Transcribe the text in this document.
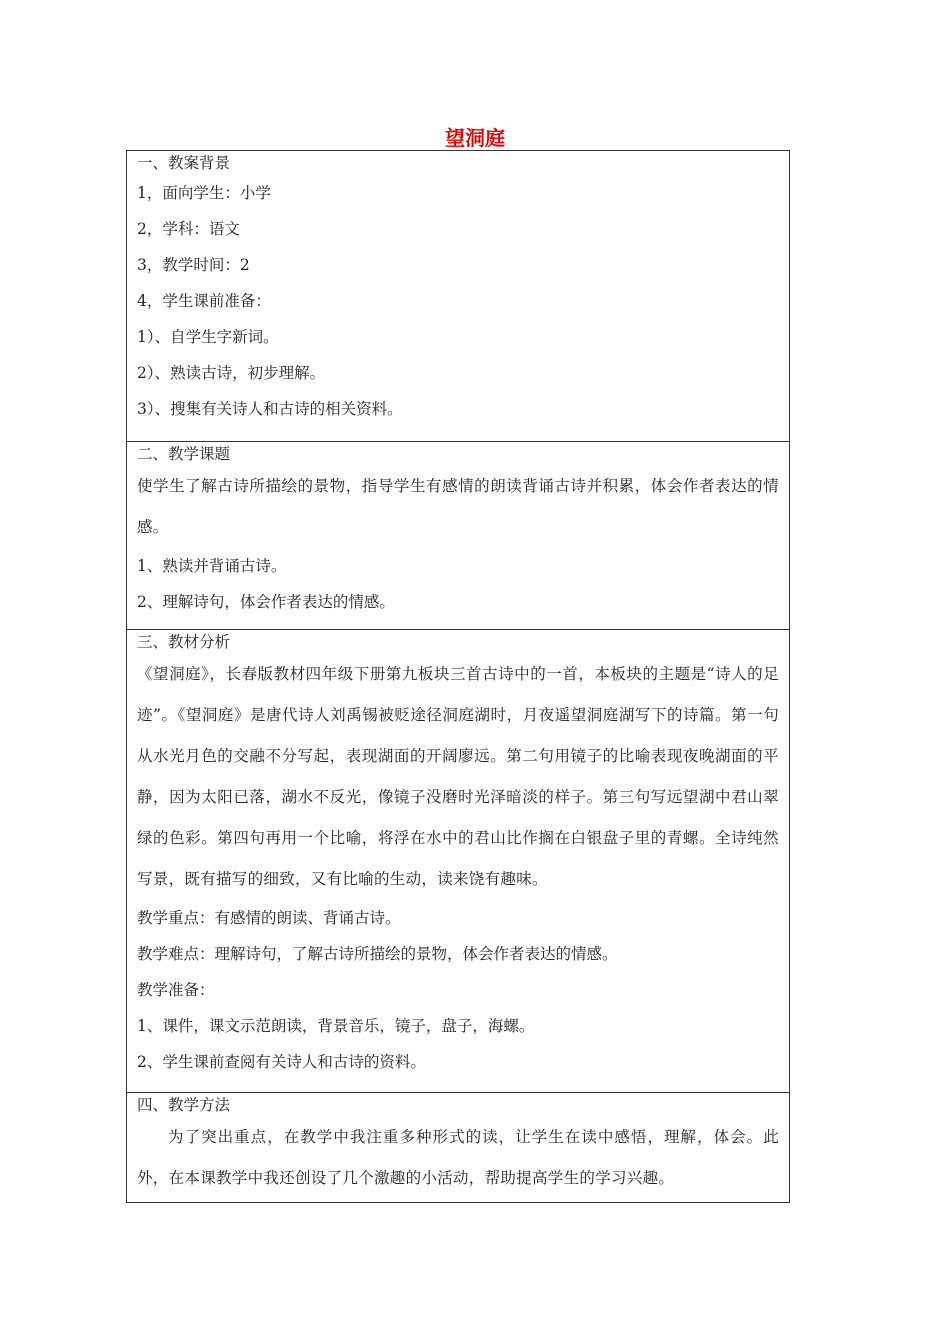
望洞庭
一、教案背景
1，面向学生：小学
2，学科：语文
3，教学时间：2
4，学生课前准备：
1）、自学生字新词。
2）、熟读古诗，初步理解。
3）、搜集有关诗人和古诗的相关资料。
二、教学课题
使学生了解古诗所描绘的景物，指导学生有感情的朗读背诵古诗并积累，体会作者表达的情感。
1、熟读并背诵古诗。
2、理解诗句，体会作者表达的情感。
三、教材分析
《望洞庭》，长春版教材四年级下册第九板块三首古诗中的一首，本板块的主题是“诗人的足迹”。《望洞庭》是唐代诗人刘禹锡被贬途径洞庭湖时，月夜遥望洞庭湖写下的诗篇。第一句从水光月色的交融不分写起，表现湖面的开阔廖远。第二句用镜子的比喻表现夜晚湖面的平静，因为太阳已落，湖水不反光，像镜子没磨时光泽暗淡的样子。第三句写远望湖中君山翠绿的色彩。第四句再用一个比喻，将浮在水中的君山比作搁在白银盘子里的青螺。全诗纯然写景，既有描写的细致，又有比喻的生动，读来饶有趣味。
教学重点：有感情的朗读、背诵古诗。
教学难点：理解诗句，了解古诗所描绘的景物，体会作者表达的情感。
教学准备：
1、课件，课文示范朗读，背景音乐，镜子，盘子，海螺。
2、学生课前查阅有关诗人和古诗的资料。
四、教学方法
为了突出重点，在教学中我注重多种形式的读，让学生在读中感悟，理解，体会。此外，在本课教学中我还创设了几个激趣的小活动，帮助提高学生的学习兴趣。
